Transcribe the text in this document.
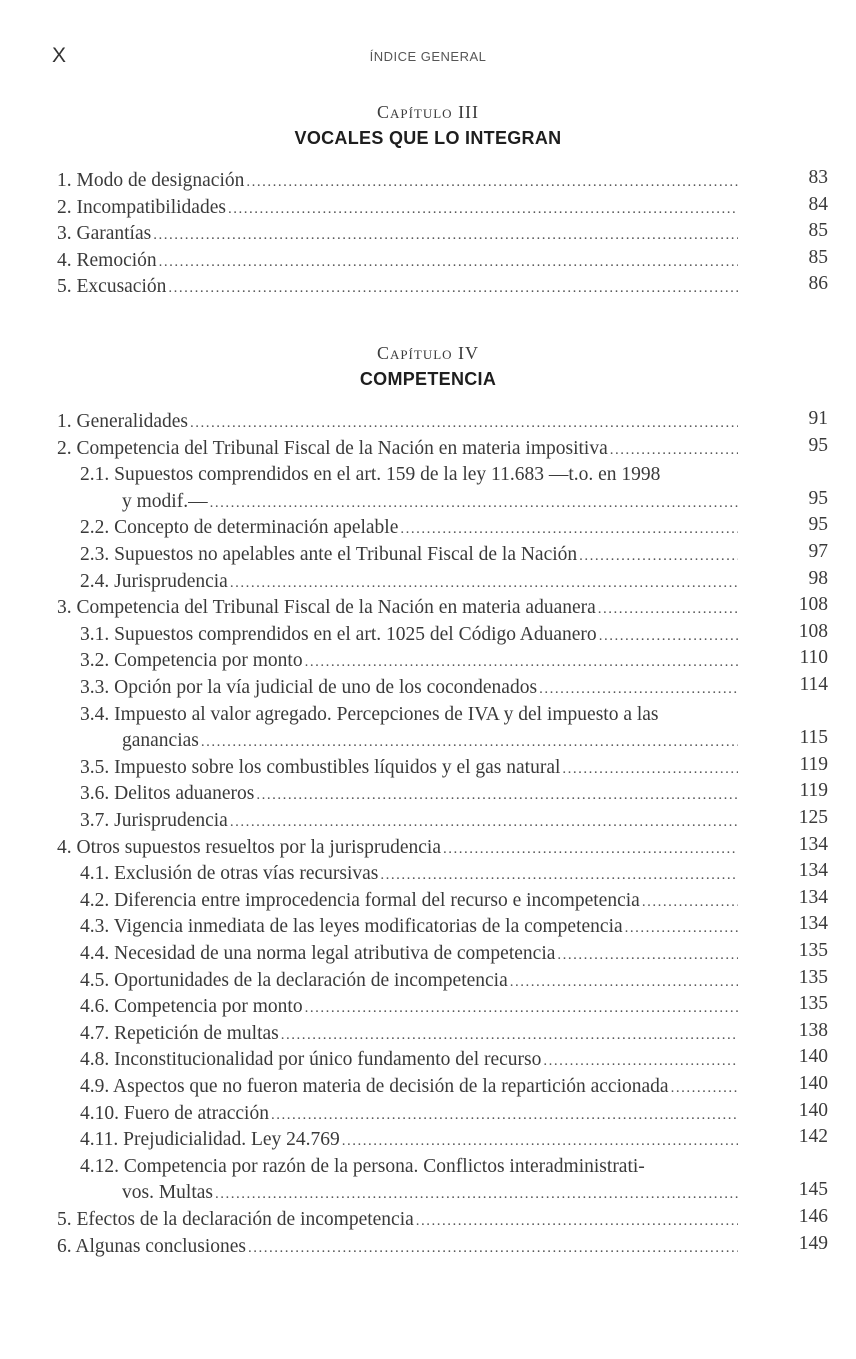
X	ÍNDICE GENERAL
Capítulo III
VOCALES QUE LO INTEGRAN
1. Modo de designación .....	83
2. Incompatibilidades .....	84
3. Garantías .....	85
4. Remoción .....	85
5. Excusación .....	86
Capítulo IV
COMPETENCIA
1. Generalidades .....	91
2. Competencia del Tribunal Fiscal de la Nación en materia impositiva .....	95
2.1. Supuestos comprendidos en el art. 159 de la ley 11.683 —t.o. en 1998
y modif.— .....	95
2.2. Concepto de determinación apelable .....	95
2.3. Supuestos no apelables ante el Tribunal Fiscal de la Nación .....	97
2.4. Jurisprudencia .....	98
3. Competencia del Tribunal Fiscal de la Nación en materia aduanera .....	108
3.1. Supuestos comprendidos en el art. 1025 del Código Aduanero .....	108
3.2. Competencia por monto .....	110
3.3. Opción por la vía judicial de uno de los cocondenados .....	114
3.4. Impuesto al valor agregado. Percepciones de IVA y del impuesto a las
ganancias .....	115
3.5. Impuesto sobre los combustibles líquidos y el gas natural .....	119
3.6. Delitos aduaneros .....	119
3.7. Jurisprudencia .....	125
4. Otros supuestos resueltos por la jurisprudencia .....	134
4.1. Exclusión de otras vías recursivas .....	134
4.2. Diferencia entre improcedencia formal del recurso e incompetencia .....	134
4.3. Vigencia inmediata de las leyes modificatorias de la competencia .....	134
4.4. Necesidad de una norma legal atributiva de competencia .....	135
4.5. Oportunidades de la declaración de incompetencia .....	135
4.6. Competencia por monto .....	135
4.7. Repetición de multas .....	138
4.8. Inconstitucionalidad por único fundamento del recurso .....	140
4.9. Aspectos que no fueron materia de decisión de la repartición accionada .....	140
4.10. Fuero de atracción .....	140
4.11. Prejudicialidad. Ley 24.769 .....	142
4.12. Competencia por razón de la persona. Conflictos interadministrati-
vos. Multas .....	145
5. Efectos de la declaración de incompetencia .....	146
6. Algunas conclusiones .....	149
